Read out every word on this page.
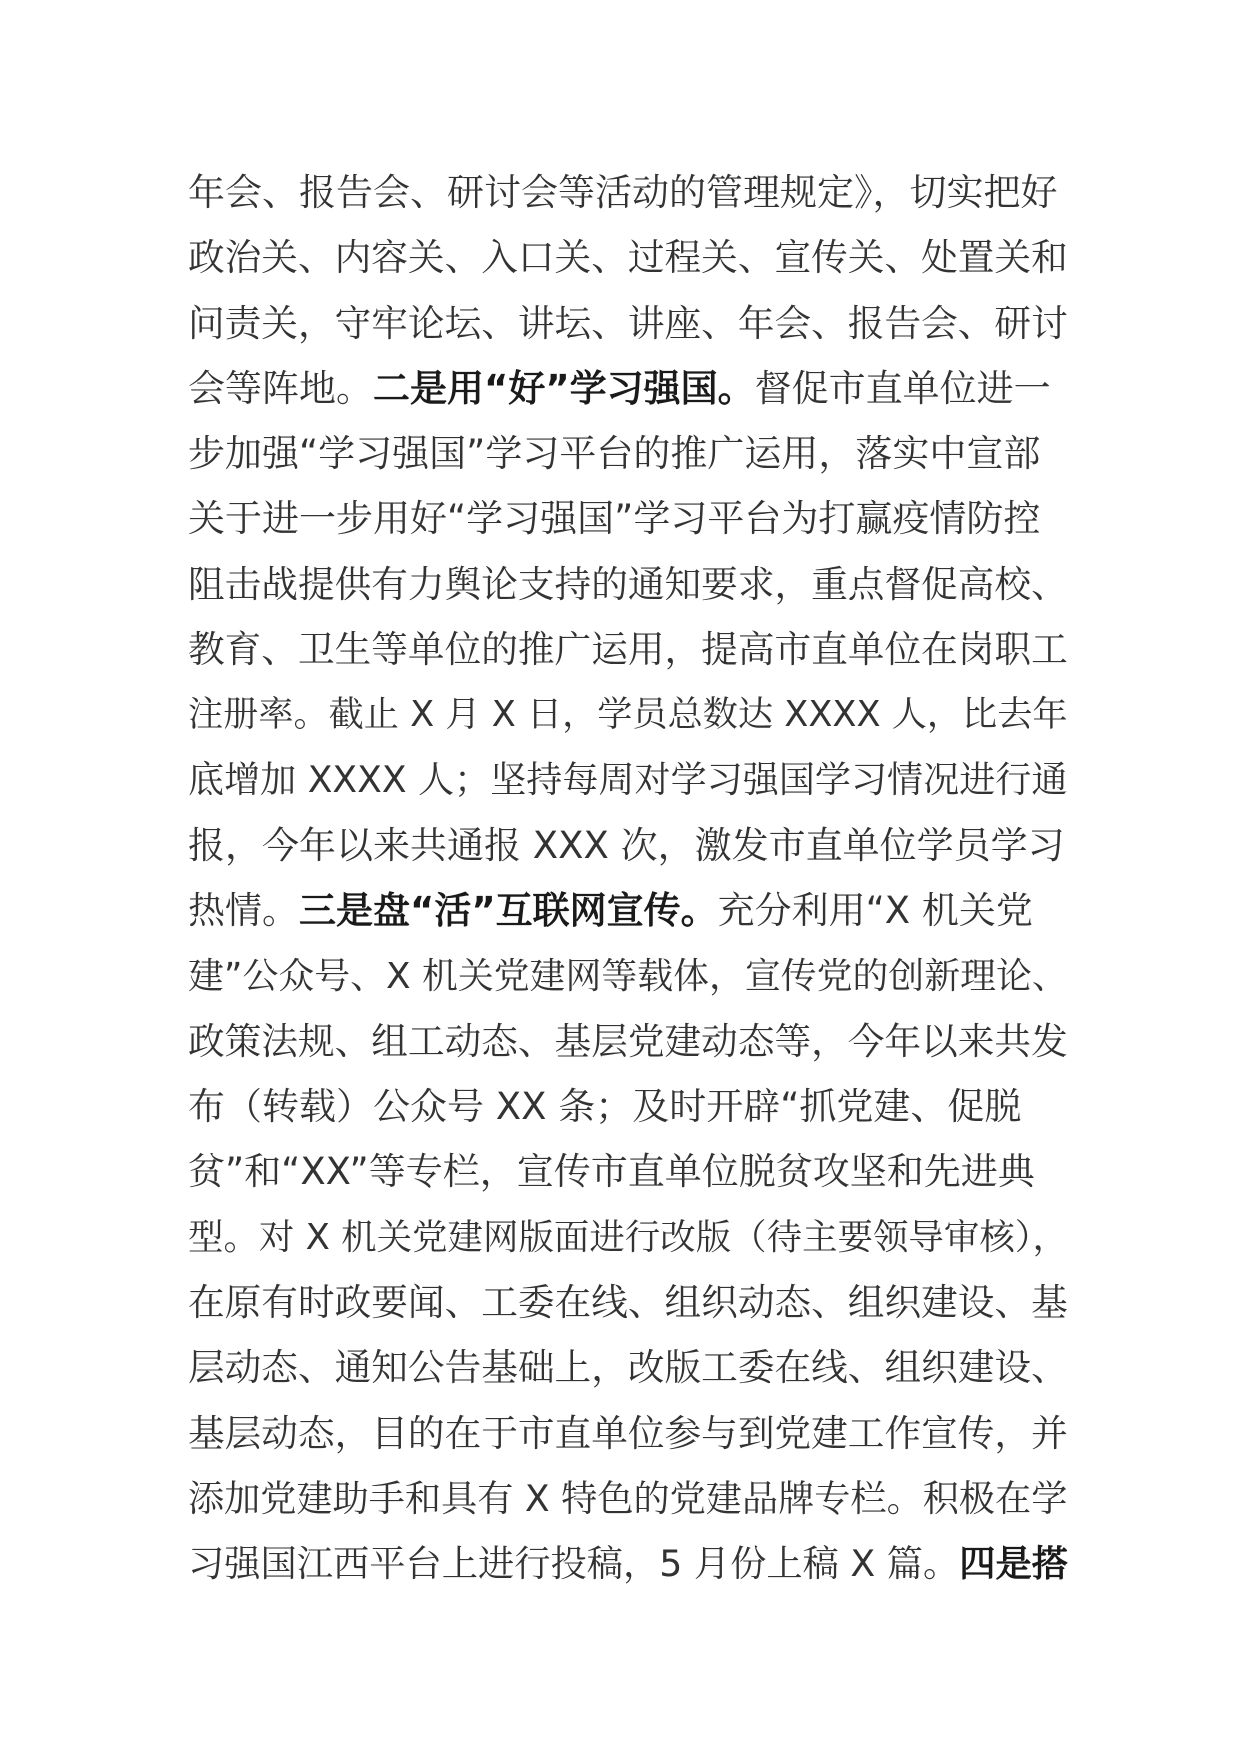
年会、报告会、研讨会等活动的管理规定》，切实把好
政治关、内容关、入口关、过程关、宣传关、处置关和
问责关，守牢论坛、讲坛、讲座、年会、报告会、研讨
会等阵地。二是用“好”学习强国。督促市直单位进一
步加强“学习强国”学习平台的推广运用，落实中宣部
关于进一步用好“学习强国”学习平台为打赢疫情防控
阻击战提供有力舆论支持的通知要求，重点督促高校、
教育、卫生等单位的推广运用，提高市直单位在岗职工
注册率。截止 X 月 X 日，学员总数达 XXXX 人，比去年
底增加 XXXX 人；坚持每周对学习强国学习情况进行通
报，今年以来共通报 XXX 次，激发市直单位学员学习
热情。三是盘“活”互联网宣传。充分利用“X 机关党
建”公众号、X 机关党建网等载体，宣传党的创新理论、
政策法规、组工动态、基层党建动态等，今年以来共发
布（转载）公众号 XX 条；及时开辟“抓党建、促脱
贫”和“XX”等专栏，宣传市直单位脱贫攻坚和先进典
型。对 X 机关党建网版面进行改版（待主要领导审核），
在原有时政要闻、工委在线、组织动态、组织建设、基
层动态、通知公告基础上，改版工委在线、组织建设、
基层动态，目的在于市直单位参与到党建工作宣传，并
添加党建助手和具有 X 特色的党建品牌专栏。积极在学
习强国江西平台上进行投稿，5 月份上稿 X 篇。四是搭
